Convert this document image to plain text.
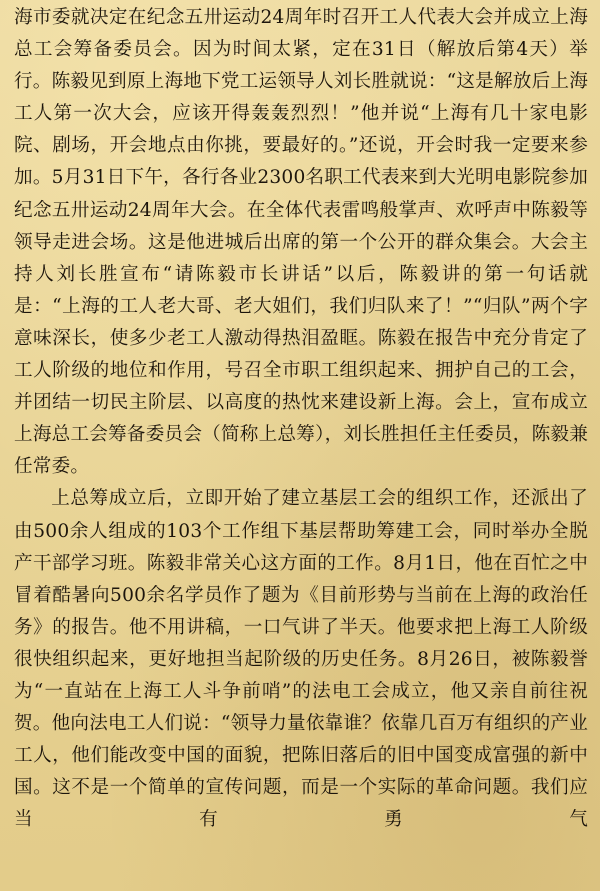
海市委就决定在纪念五卅运动24周年时召开工人代表大会并成立上海总工会筹备委员会。因为时间太紧，定在31日（解放后第4天）举行。陈毅见到原上海地下党工运领导人刘长胜就说：“这是解放后上海工人第一次大会，应该开得轰轰烈烈！”他并说“上海有几十家电影院、剧场，开会地点由你挑，要最好的。”还说，开会时我一定要来参加。5月31日下午，各行各业2300名职工代表来到大光明电影院参加纪念五卅运动24周年大会。在全体代表雷鸣般掌声、欢呼声中陈毅等领导走进会场。这是他进城后出席的第一个公开的群众集会。大会主持人刘长胜宣布“请陈毅市长讲话”以后，陈毅讲的第一句话就是：“上海的工人老大哥、老大姐们，我们归队来了！”“归队”两个字意味深长，使多少老工人激动得热泪盈眶。陈毅在报告中充分肯定了工人阶级的地位和作用，号召全市职工组织起来、拥护自己的工会，并团结一切民主阶层、以高度的热忱来建设新上海。会上，宣布成立上海总工会筹备委员会（简称上总筹），刘长胜担任主任委员，陈毅兼任常委。

上总筹成立后，立即开始了建立基层工会的组织工作，还派出了由500余人组成的103个工作组下基层帮助筹建工会，同时举办全脱产干部学习班。陈毅非常关心这方面的工作。8月1日，他在百忙之中冒着酷暑向500余名学员作了题为《目前形势与当前在上海的政治任务》的报告。他不用讲稿，一口气讲了半天。他要求把上海工人阶级很快组织起来，更好地担当起阶级的历史任务。8月26日，被陈毅誉为“一直站在上海工人斗争前哨”的法电工会成立，他又亲自前往祝贺。他向法电工人们说：“领导力量依靠谁？依靠几百万有组织的产业工人，他们能改变中国的面貌，把陈旧落后的旧中国变成富强的新中国。这不是一个简单的宣传问题，而是一个实际的革命问题。我们应当有勇气
